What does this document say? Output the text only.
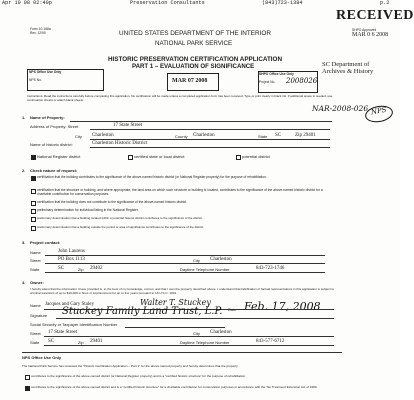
Apr 10 08 02:40p	Preservation Consultants	(843)723-1384	p.2
RECEIVED
SHPO Approved
MAR 0 6 2008
SC Department of
Archives & History
Form 10-168a
Rev. 12/90	UNITED STATES DEPARTMENT OF THE INTERIOR
NATIONAL PARK SERVICE
HISTORIC PRESERVATION CERTIFICATION APPLICATION
PART 1 – EVALUATION OF SIGNIFICANCE
NPS Office Use Only
NPS No.	MAR 07 2008
SHPO Office Use Only
Project No. 2008026
NPS
NAR-2008-026
Instructions: Read the instructions carefully before completing this application. No certification will be made unless a completed application form has been received. Type or print clearly in black ink. If additional space is needed, use continuation sheets or attach blank sheets.
1. Name of Property:
Address of Property: Street	17 State Street
City Charleston	County Charleston	State SC	Zip 29401
Name of historic district:	Charleston Historic District
National Register district	certified state or local district	potential district
2. Check nature of request:
certification that the building contributes to the significance of the above-named historic district (or National Register property) for the purpose of rehabilitation.
certification that the structure or building, and where appropriate, the land area on which such structure or building is located, contributes to the significance of the above-named historic district for a charitable contribution for conservation purposes.
certification that the building does not contribute to the significance of the above-named historic district.
preliminary determination for individual listing in the National Register.
preliminary determination that a building located within a potential historic district contributes to the significance of the district.
preliminary determination that a building outside the period or area of significance contributes to the significance of the district.
3. Project contact:
Name	John Laurens
Street	PO Box 1113	City Charleston
State	SC	Zip 29402	Daytime Telephone Number	843-723-1746
4. Owner:
I hereby attest that the information I have provided is, to the best of my knowledge, correct, and that I own the property described above. I understand that falsification of factual representations in this application is subject to criminal sanctions of up to $10,000 in fines or imprisonment for up to five years pursuant to 18 U.S.C. 1001.
Name Jacques and Gary Staley	Walter T. Stuckey
Date Feb. 17, 2008
Signature Stuckey Family Land Trust, L.P.
Social Security or Taxpayer Identification Number
Street 17 State Street	City Charleston
State SC	Zip 29401	Daytime Telephone Number	843-577-6712
NPS Office Use Only
The National Park Service has reviewed the "Historic Certification Application – Part 1" for the above-named property and hereby determines that the property:
contributes to the significance of the above-named district (or National Register property) and is a "certified historic structure" for the purpose of rehabilitation.
contributes to the significance of the above-named district and is a "certified historic structure" for a charitable contribution for conservation purposes in accordance with the Tax Treatment Extension Act of 1980.
